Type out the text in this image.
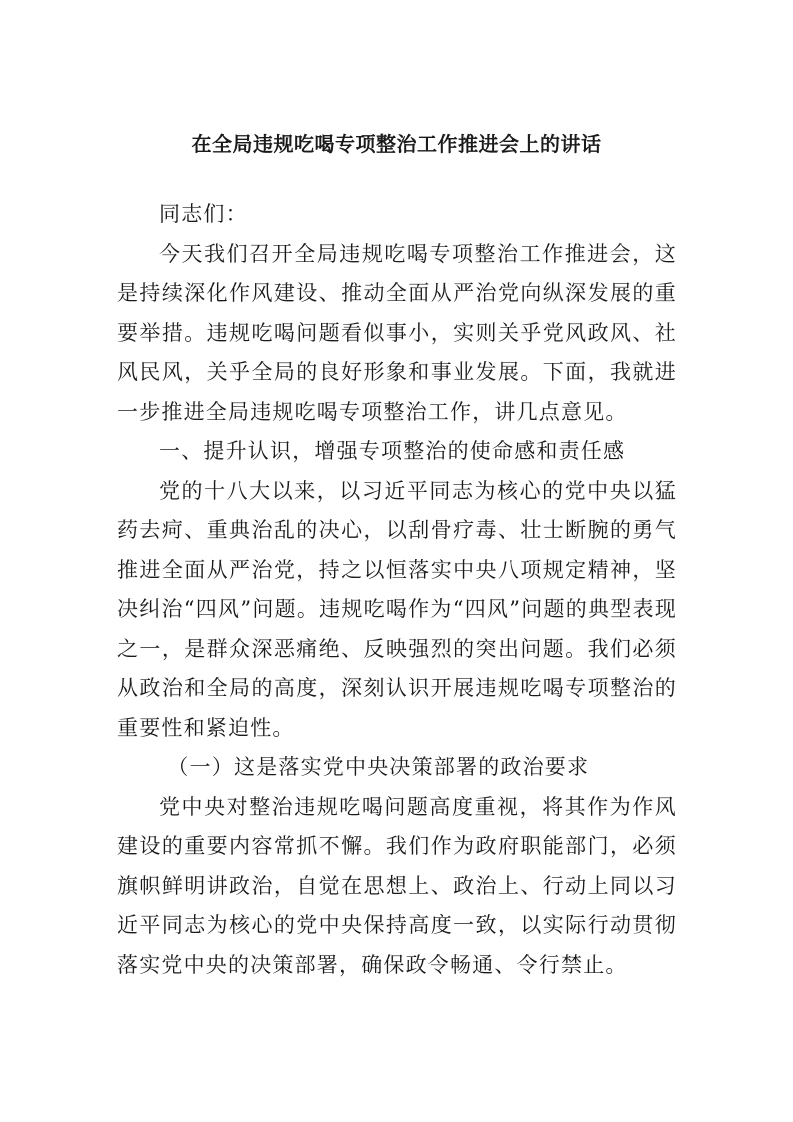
在全局违规吃喝专项整治工作推进会上的讲话

同志们：

今天我们召开全局违规吃喝专项整治工作推进会，这是持续深化作风建设、推动全面从严治党向纵深发展的重要举措。违规吃喝问题看似事小，实则关乎党风政风、社风民风，关乎全局的良好形象和事业发展。下面，我就进一步推进全局违规吃喝专项整治工作，讲几点意见。

一、提升认识，增强专项整治的使命感和责任感

党的十八大以来，以习近平同志为核心的党中央以猛药去疴、重典治乱的决心，以刮骨疗毒、壮士断腕的勇气推进全面从严治党，持之以恒落实中央八项规定精神，坚决纠治“四风”问题。违规吃喝作为“四风”问题的典型表现之一，是群众深恶痛绝、反映强烈的突出问题。我们必须从政治和全局的高度，深刻认识开展违规吃喝专项整治的重要性和紧迫性。

（一）这是落实党中央决策部署的政治要求

党中央对整治违规吃喝问题高度重视，将其作为作风建设的重要内容常抓不懈。我们作为政府职能部门，必须旗帜鲜明讲政治，自觉在思想上、政治上、行动上同以习近平同志为核心的党中央保持高度一致，以实际行动贯彻落实党中央的决策部署，确保政令畅通、令行禁止。
